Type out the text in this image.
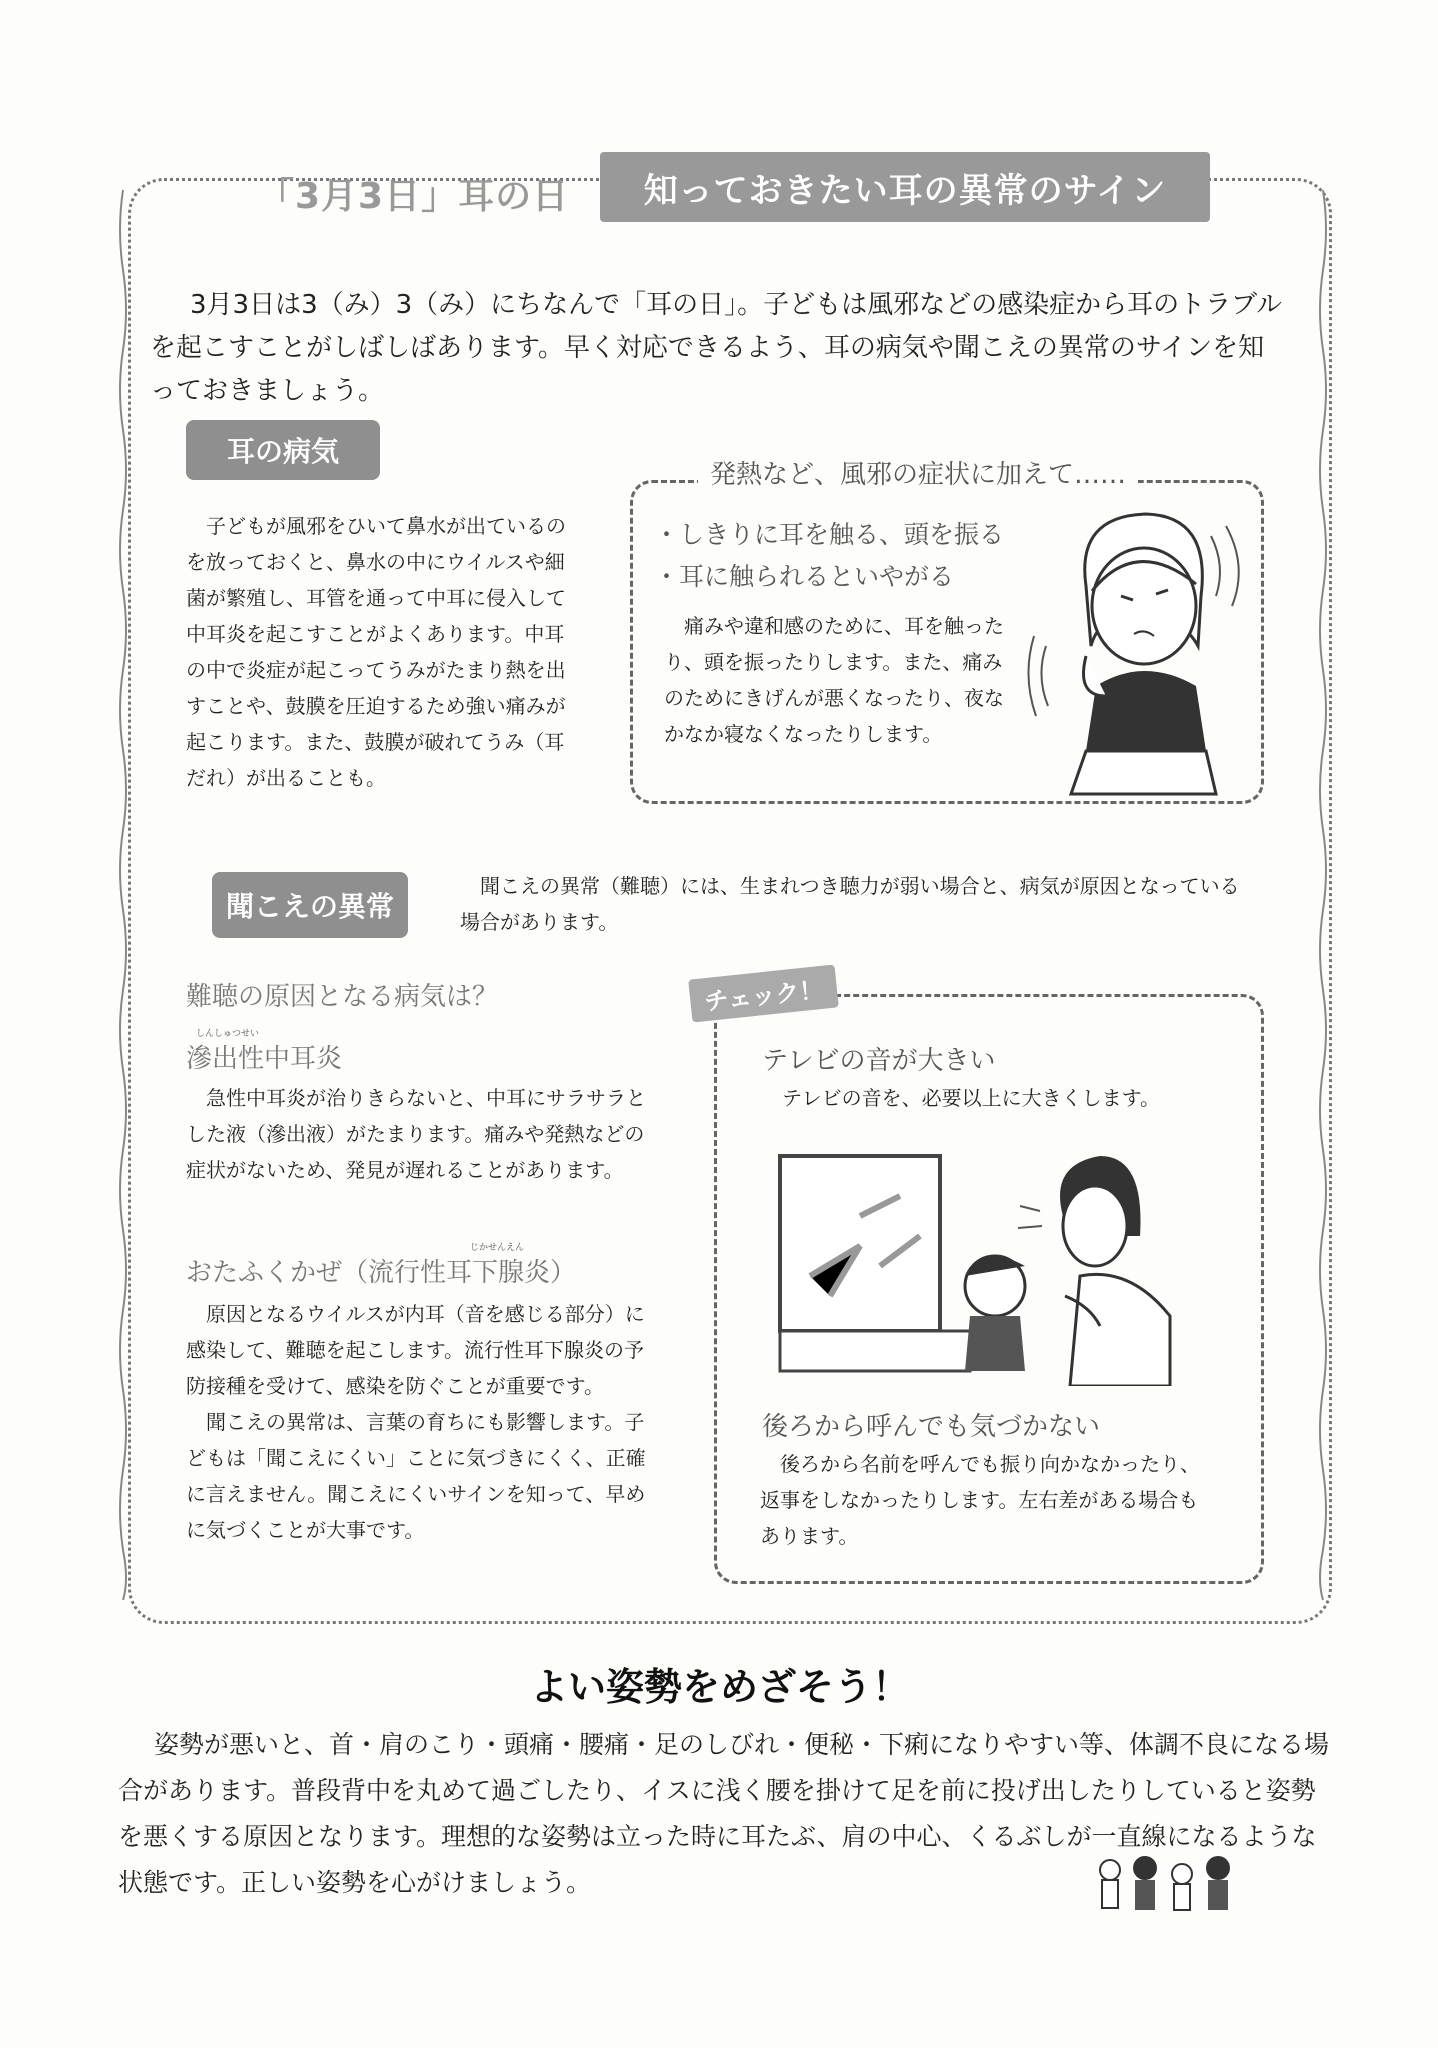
「3月3日」耳の日	知っておきたい耳の異常のサイン

3月3日は3（み）3（み）にちなんで「耳の日」。子どもは風邪などの感染症から耳のトラブルを起こすことがしばしばあります。早く対応できるよう、耳の病気や聞こえの異常のサインを知っておきましょう。

耳の病気

子どもが風邪をひいて鼻水が出ているのを放っておくと、鼻水の中にウイルスや細菌が繁殖し、耳管を通って中耳に侵入して中耳炎を起こすことがよくあります。中耳の中で炎症が起こってうみがたまり熱を出すことや、鼓膜を圧迫するため強い痛みが起こります。また、鼓膜が破れてうみ（耳だれ）が出ることも。

発熱など、風邪の症状に加えて……
・しきりに耳を触る、頭を振る
・耳に触られるといやがる

痛みや違和感のために、耳を触ったり、頭を振ったりします。また、痛みのためにきげんが悪くなったり、夜なかなか寝なくなったりします。

聞こえの異常

聞こえの異常（難聴）には、生まれつき聴力が弱い場合と、病気が原因となっている場合があります。

難聴の原因となる病気は？
しんしゅつせい
滲出性中耳炎

急性中耳炎が治りきらないと、中耳にサラサラとした液（滲出液）がたまります。痛みや発熱などの症状がないため、発見が遅れることがあります。

じかせんえん
おたふくかぜ（流行性耳下腺炎）

原因となるウイルスが内耳（音を感じる部分）に感染して、難聴を起こします。流行性耳下腺炎の予防接種を受けて、感染を防ぐことが重要です。

聞こえの異常は、言葉の育ちにも影響します。子どもは「聞こえにくい」ことに気づきにくく、正確に言えません。聞こえにくいサインを知って、早めに気づくことが大事です。

チェック！
テレビの音が大きい
テレビの音を、必要以上に大きくします。
後ろから呼んでも気づかない

後ろから名前を呼んでも振り向かなかったり、返事をしなかったりします。左右差がある場合もあります。

よい姿勢をめざそう！

姿勢が悪いと、首・肩のこり・頭痛・腰痛・足のしびれ・便秘・下痢になりやすい等、体調不良になる場合があります。普段背中を丸めて過ごしたり、イスに浅く腰を掛けて足を前に投げ出したりしていると姿勢を悪くする原因となります。理想的な姿勢は立った時に耳たぶ、肩の中心、くるぶしが一直線になるような状態です。正しい姿勢を心がけましょう。
